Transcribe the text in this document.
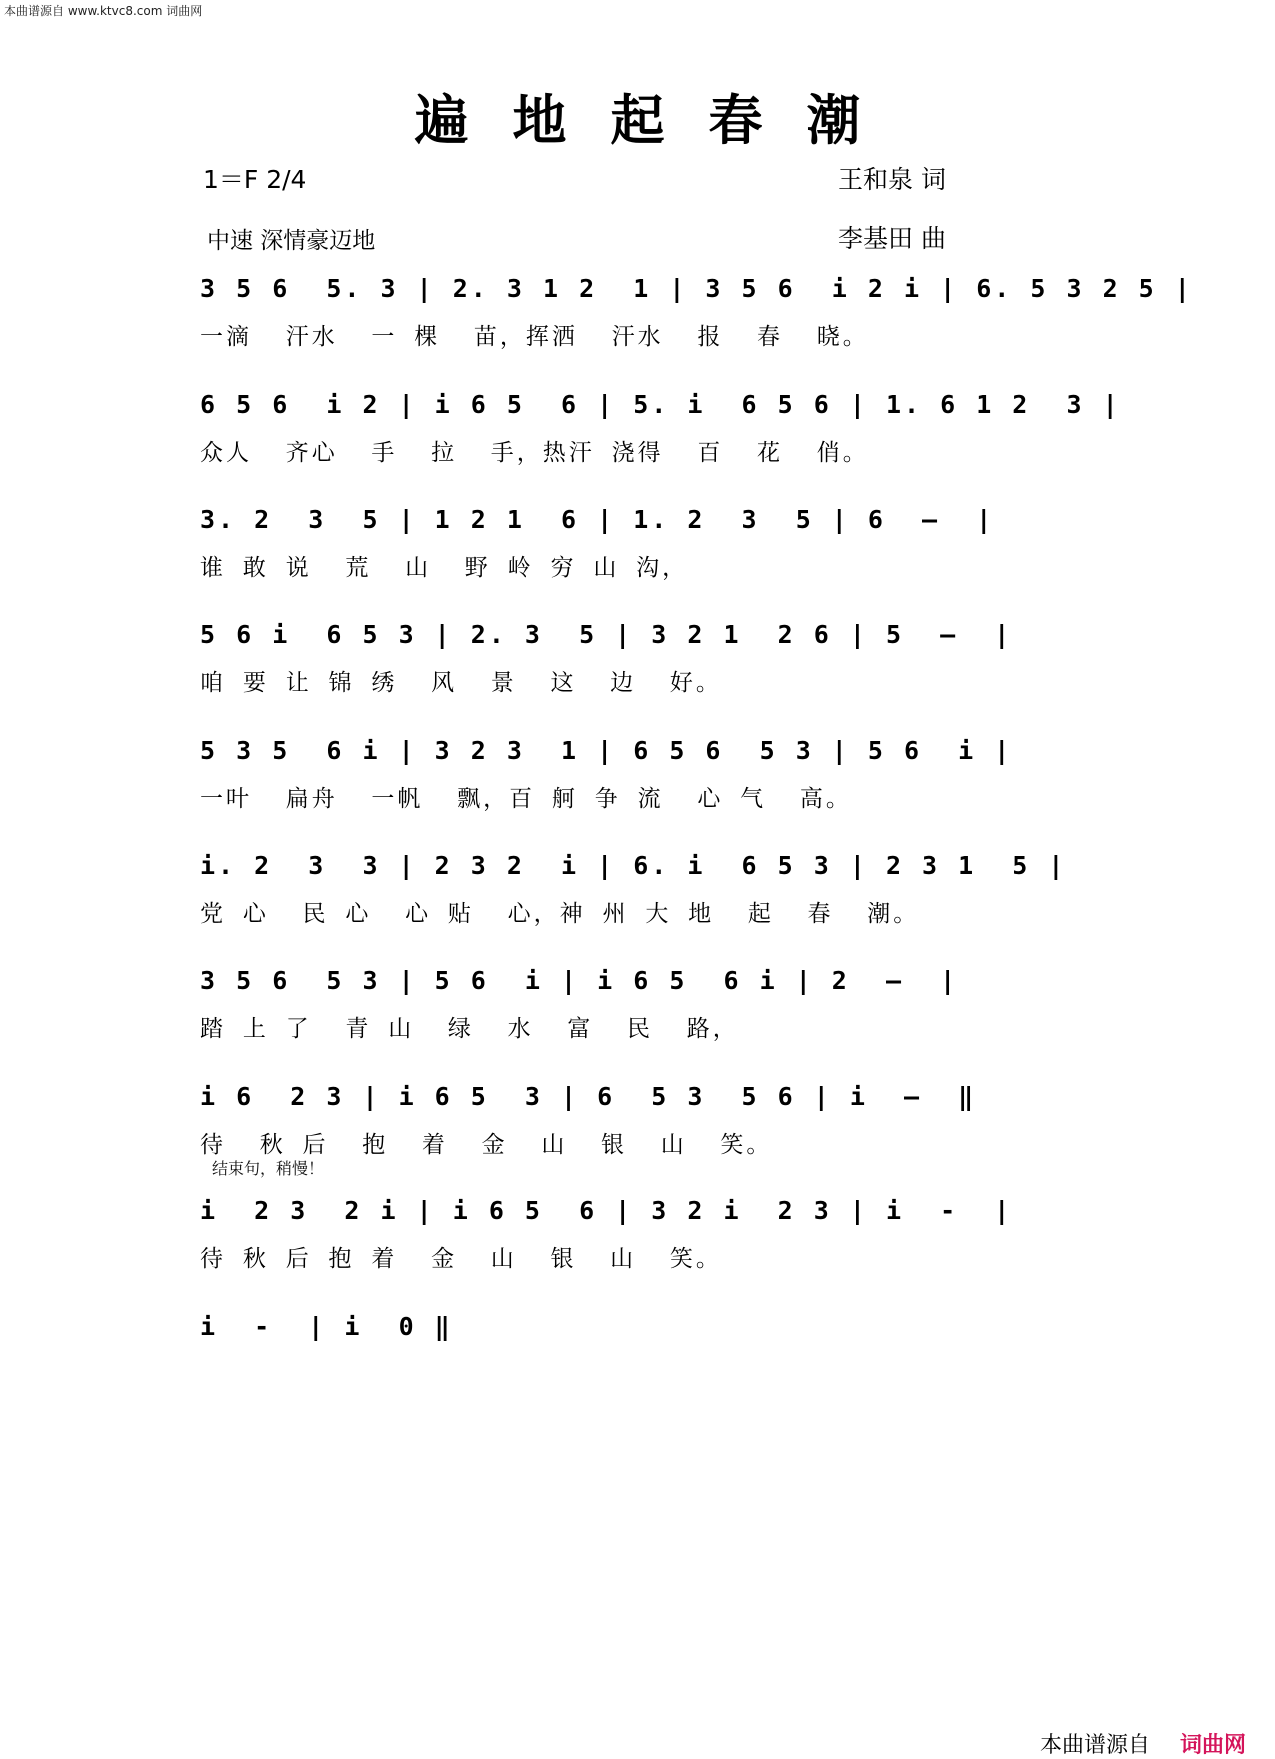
本曲谱源自 www.ktvc8.com 词曲网
遍地起春潮
1＝F 2/4	王和泉 词
中速 深情豪迈地	李基田 曲
3 5 6  5. 3 | 2. 3 1 2  1 | 3 5 6  i 2 i | 6. 5 3 2 5 |
一滴  汗水  一 棵  苗，挥洒  汗水  报  春  晓。
6 5 6  i 2 | i 6 5  6 | 5. i  6 5 6 | 1. 6 1 2  3 |
众人  齐心  手  拉  手，热汗 浇得  百  花  俏。
3. 2  3  5 | 1 2 1  6 | 1. 2  3  5 | 6  —  |
谁 敢 说  荒  山  野 岭 穷 山 沟，
5 6 i  6 5 3 | 2. 3  5 | 3 2 1  2 6 | 5  —  |
咱 要 让 锦 绣  风  景  这  边  好。
5 3 5  6 i | 3 2 3  1 | 6 5 6  5 3 | 5 6  i |
一叶  扁舟  一帆  飘，百 舸 争 流  心 气  高。
i. 2  3  3 | 2 3 2  i | 6. i  6 5 3 | 2 3 1  5 |
党 心  民 心  心 贴  心，神 州 大 地  起  春  潮。
3 5 6  5 3 | 5 6  i | i 6 5  6 i | 2  —  |
踏 上 了  青 山  绿  水  富  民  路，
i 6  2 3 | i 6 5  3 | 6  5 3  5 6 | i  —  ‖
待  秋 后  抱  着  金  山  银  山  笑。
结束句，稍慢！
i  2 3  2 i | i 6 5  6 | 3 2 i  2 3 | i  -  |
待 秋 后 抱 着  金  山  银  山  笑。
i  -  | i  0 ‖
本曲谱源自 词曲网
